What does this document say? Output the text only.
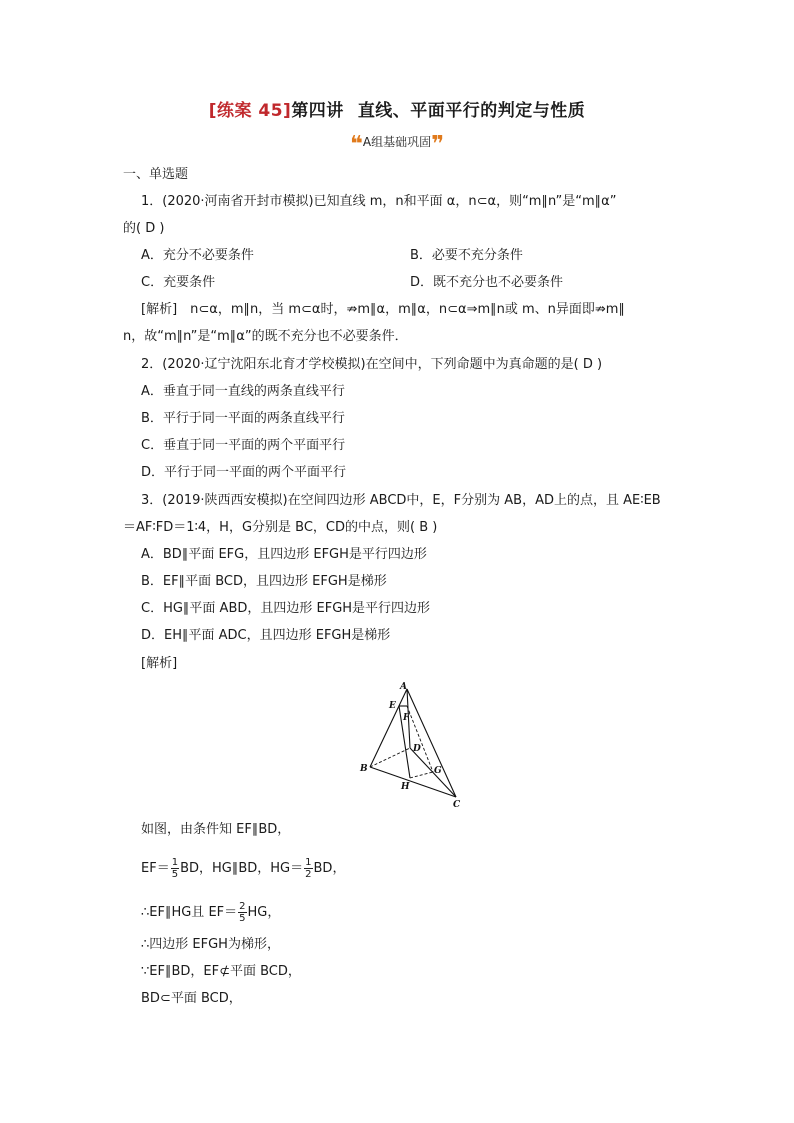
[练案 45]第四讲 直线、平面平行的判定与性质
❝A组基础巩固❞
一、单选题
1．(2020·河南省开封市模拟)已知直线 m，n和平面 α，n⊂α，则“m∥n”是“m∥α”
的( D )
A．充分不必要条件	B．必要不充分条件
C．充要条件	D．既不充分也不必要条件
[解析]　n⊂α，m∥n，当 m⊂α时，⇏m∥α，m∥α，n⊂α⇒m∥n或 m、n异面即⇏m∥
n，故“m∥n”是“m∥α”的既不充分也不必要条件．
2．(2020·辽宁沈阳东北育才学校模拟)在空间中，下列命题中为真命题的是( D )
A．垂直于同一直线的两条直线平行
B．平行于同一平面的两条直线平行
C．垂直于同一平面的两个平面平行
D．平行于同一平面的两个平面平行
3．(2019·陕西西安模拟)在空间四边形 ABCD中，E，F分别为 AB，AD上的点，且 AE∶EB
＝AF∶FD＝1∶4，H，G分别是 BC，CD的中点，则( B )
A．BD∥平面 EFG，且四边形 EFGH是平行四边形
B．EF∥平面 BCD，且四边形 EFGH是梯形
C．HG∥平面 ABD，且四边形 EFGH是平行四边形
D．EH∥平面 ADC，且四边形 EFGH是梯形
[解析]
A
B
C
D
E
F
G
H
如图，由条件知 EF∥BD，
$EF= \frac{1}{5}$ BD，HG∥BD，$HG= \frac{1}{2}$ BD，
∴EF∥HG且 $EF= \frac{2}{5}$ HG，
∴四边形 EFGH为梯形，
∵EF∥BD，EF⊄平面 BCD，
BD⊂平面 BCD，
